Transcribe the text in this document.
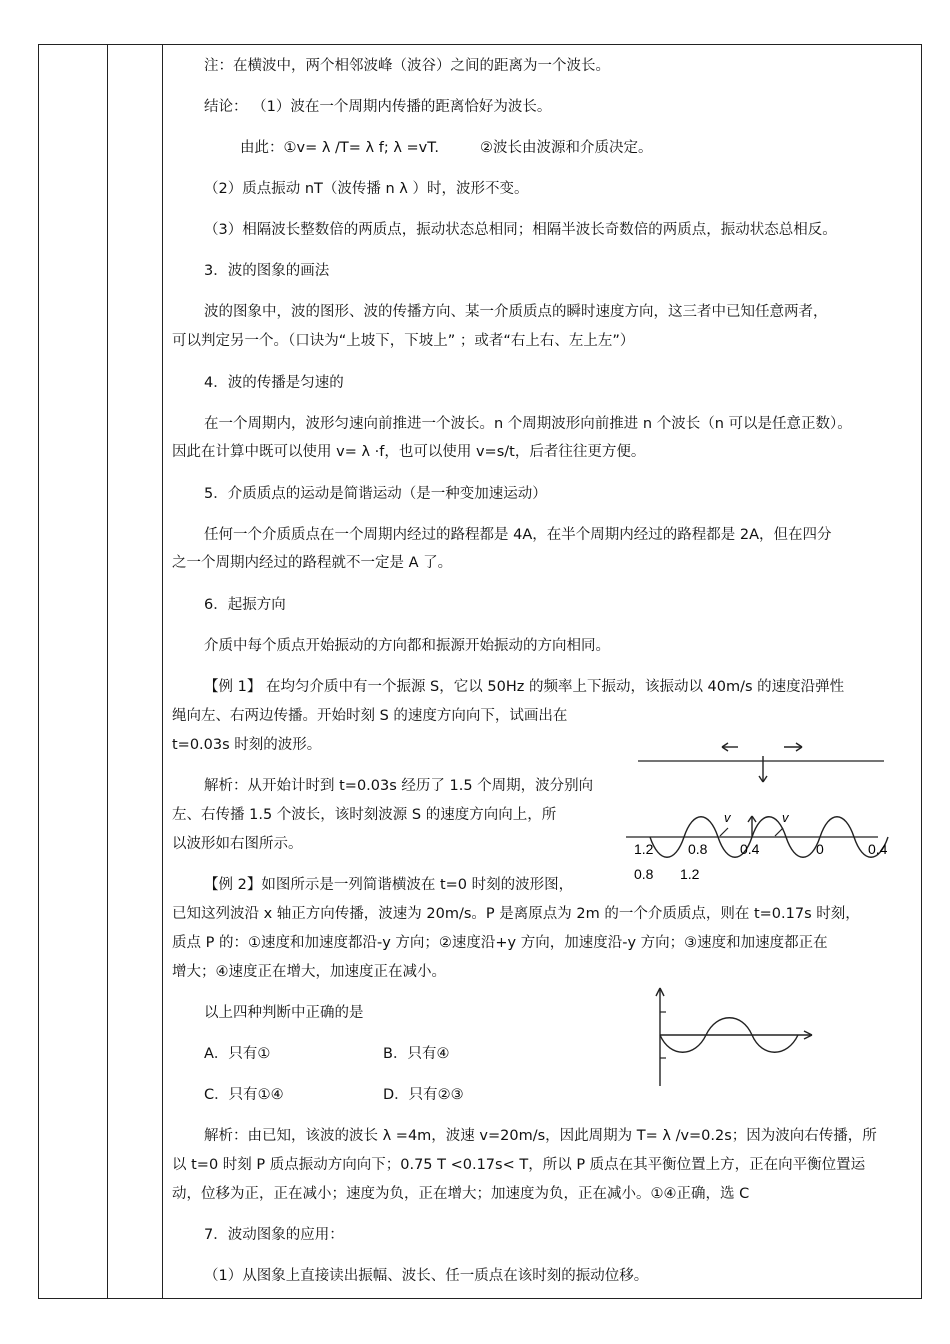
注：在横波中，两个相邻波峰（波谷）之间的距离为一个波长。
结论： （1）波在一个周期内传播的距离恰好为波长。
由此：①v= λ /T= λ f; λ =vT.	②波长由波源和介质决定。
（2）质点振动 nT（波传播 n λ ）时，波形不变。
（3）相隔波长整数倍的两质点，振动状态总相同；相隔半波长奇数倍的两质点，振动状态总相反。
3．波的图象的画法
波的图象中，波的图形、波的传播方向、某一介质质点的瞬时速度方向，这三者中已知任意两者，
可以判定另一个。（口诀为“上坡下，下坡上” ；或者“右上右、左上左”）
4．波的传播是匀速的
在一个周期内，波形匀速向前推进一个波长。n 个周期波形向前推进 n 个波长（n 可以是任意正数）。
因此在计算中既可以使用 v= λ ·f，也可以使用 v=s/t，后者往往更方便。
5．介质质点的运动是简谐运动（是一种变加速运动）
任何一个介质质点在一个周期内经过的路程都是 4A，在半个周期内经过的路程都是 2A，但在四分
之一个周期内经过的路程就不一定是 A 了。
6．起振方向
介质中每个质点开始振动的方向都和振源开始振动的方向相同。
【例 1】 在均匀介质中有一个振源 S，它以 50Hz 的频率上下振动，该振动以 40m/s 的速度沿弹性
绳向左、右两边传播。开始时刻 S 的速度方向向下，试画出在
t=0.03s 时刻的波形。
解析：从开始计时到 t=0.03s 经历了 1.5 个周期，波分别向
左、右传播 1.5 个波长，该时刻波源 S 的速度方向向上，所
以波形如右图所示。
v	v
1.2 0.8 0.4	0	0.4
0.8 1.2
【例 2】如图所示是一列简谐横波在 t=0 时刻的波形图，
已知这列波沿 x 轴正方向传播，波速为 20m/s。P 是离原点为 2m 的一个介质质点，则在 t=0.17s 时刻，
质点 P 的：①速度和加速度都沿-y 方向；②速度沿+y 方向，加速度沿-y 方向；③速度和加速度都正在
增大；④速度正在增大，加速度正在减小。
以上四种判断中正确的是
A．只有①	B．只有④
C．只有①④	D．只有②③
解析：由已知，该波的波长 λ =4m，波速 v=20m/s，因此周期为 T= λ /v=0.2s；因为波向右传播，所
以 t=0 时刻 P 质点振动方向向下；0.75 T <0.17s< T，所以 P 质点在其平衡位置上方，正在向平衡位置运
动，位移为正，正在减小；速度为负，正在增大；加速度为负，正在减小。①④正确，选 C
7．波动图象的应用：
（1）从图象上直接读出振幅、波长、任一质点在该时刻的振动位移。
